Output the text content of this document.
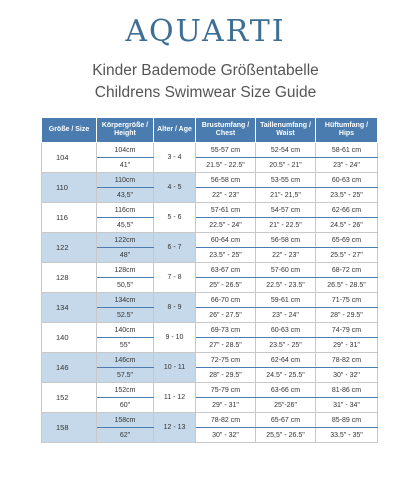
AQUARTI
Kinder Bademode Größentabelle
Childrens Swimwear Size Guide
Größe / Size	Körpergröße / Height	Alter / Age	Brustumfang / Chest	Taillenumfang / Waist	Hüftumfang / Hips
104	104cm	3 - 4	55-57 cm	52-54 cm	58-61 cm
	41"		21.5" - 22.5"	20.5" - 21"	23" - 24"
110	110cm	4 - 5	56-58 cm	53-55 cm	60-63 cm
	43,5"		22" - 23"	21"- 21,5"	23.5" - 25"
116	116cm	5 - 6	57-61 cm	54-57 cm	62-66 cm
	45,5"		22.5" - 24"	21" - 22.5"	24.5" - 26"
122	122cm	6 - 7	60-64 cm	56-58 cm	65-69 cm
	48"		23.5" - 25"	22" - 23"	25.5" - 27"
128	128cm	7 - 8	63-67 cm	57-60 cm	68-72 cm
	50,5"		25" - 26.5"	22.5" - 23.5"	26.5" - 28.5"
134	134cm	8 - 9	66-70 cm	59-61 cm	71-75 cm
	52.5"		26" - 27.5"	23" - 24"	28" - 29.5"
140	140cm	9 - 10	69-73 cm	60-63 cm	74-79 cm
	55"		27" - 28.5"	23.5" - 25"	29" - 31"
146	146cm	10 - 11	72-75 cm	62-64 cm	78-82 cm
	57.5"		28" - 29.5"	24.5" - 25.5"	30" - 32"
152	152cm	11 - 12	75-79 cm	63-66 cm	81-86 cm
	60"		29" - 31"	25"-26"	31" - 34"
158	158cm	12 - 13	78-82 cm	65-67 cm	85-89 cm
	62"		30" - 32"	25,5" - 26.5"	33.5" - 35"
